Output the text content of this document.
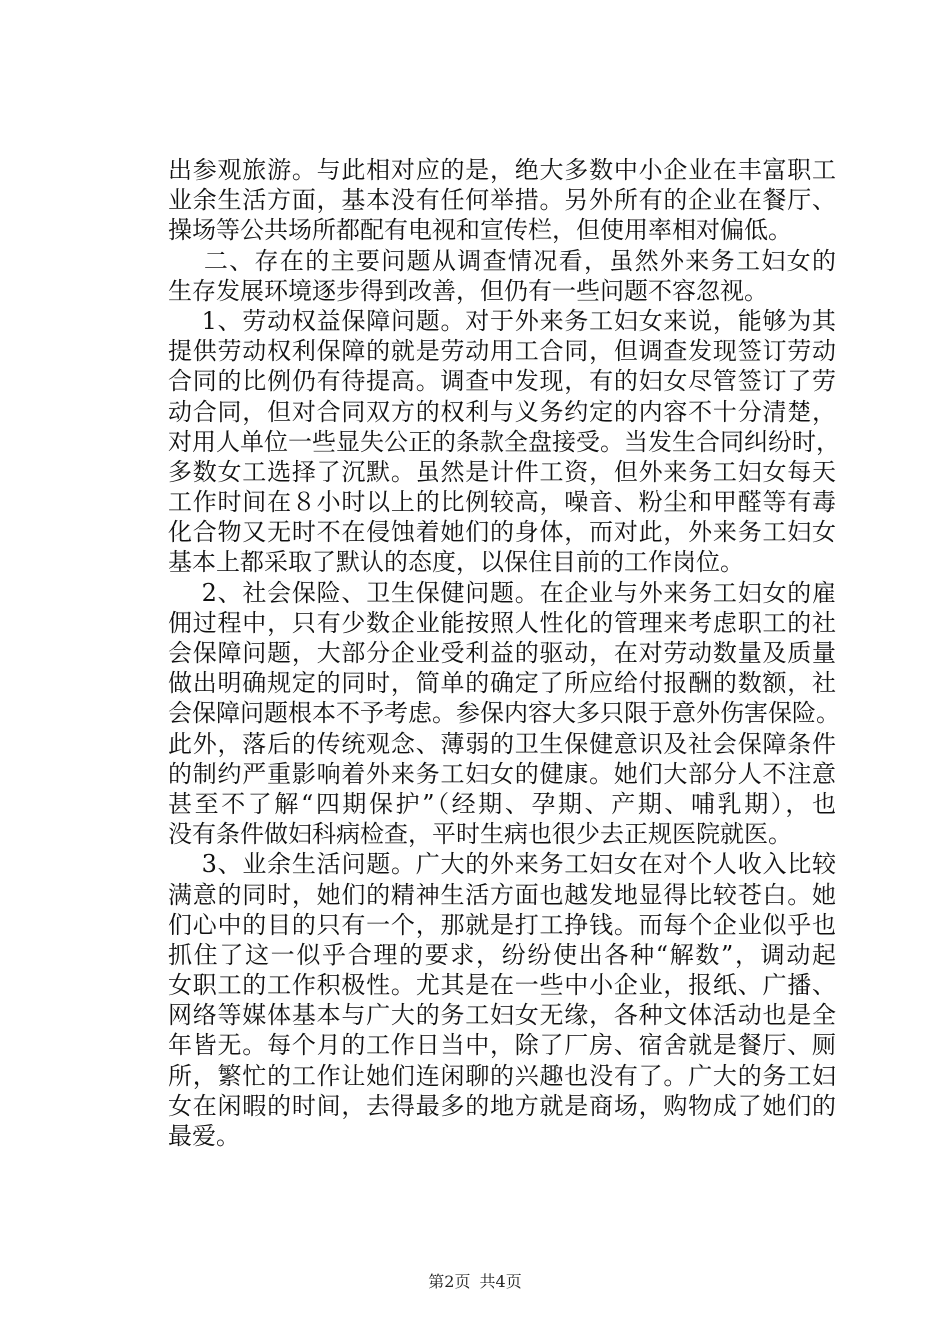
出参观旅游。与此相对应的是，绝大多数中小企业在丰富职工
业余生活方面，基本没有任何举措。另外所有的企业在餐厅、
操场等公共场所都配有电视和宣传栏，但使用率相对偏低。
二、存在的主要问题从调查情况看，虽然外来务工妇女的
生存发展环境逐步得到改善，但仍有一些问题不容忽视。
1、劳动权益保障问题。对于外来务工妇女来说，能够为其
提供劳动权利保障的就是劳动用工合同，但调查发现签订劳动
合同的比例仍有待提高。调查中发现，有的妇女尽管签订了劳
动合同，但对合同双方的权利与义务约定的内容不十分清楚，
对用人单位一些显失公正的条款全盘接受。当发生合同纠纷时，
多数女工选择了沉默。虽然是计件工资，但外来务工妇女每天
工作时间在８小时以上的比例较高，噪音、粉尘和甲醛等有毒
化合物又无时不在侵蚀着她们的身体，而对此，外来务工妇女
基本上都采取了默认的态度，以保住目前的工作岗位。
2、社会保险、卫生保健问题。在企业与外来务工妇女的雇
佣过程中，只有少数企业能按照人性化的管理来考虑职工的社
会保障问题，大部分企业受利益的驱动，在对劳动数量及质量
做出明确规定的同时，简单的确定了所应给付报酬的数额，社
会保障问题根本不予考虑。参保内容大多只限于意外伤害保险。
此外，落后的传统观念、薄弱的卫生保健意识及社会保障条件
的制约严重影响着外来务工妇女的健康。她们大部分人不注意
甚至不了解“四期保护”（经期、孕期、产期、哺乳期），也
没有条件做妇科病检查，平时生病也很少去正规医院就医。
3、业余生活问题。广大的外来务工妇女在对个人收入比较
满意的同时，她们的精神生活方面也越发地显得比较苍白。她
们心中的目的只有一个，那就是打工挣钱。而每个企业似乎也
抓住了这一似乎合理的要求，纷纷使出各种“解数”，调动起
女职工的工作积极性。尤其是在一些中小企业，报纸、广播、
网络等媒体基本与广大的务工妇女无缘，各种文体活动也是全
年皆无。每个月的工作日当中，除了厂房、宿舍就是餐厅、厕
所，繁忙的工作让她们连闲聊的兴趣也没有了。广大的务工妇
女在闲暇的时间，去得最多的地方就是商场，购物成了她们的
最爱。
第2页 共4页
